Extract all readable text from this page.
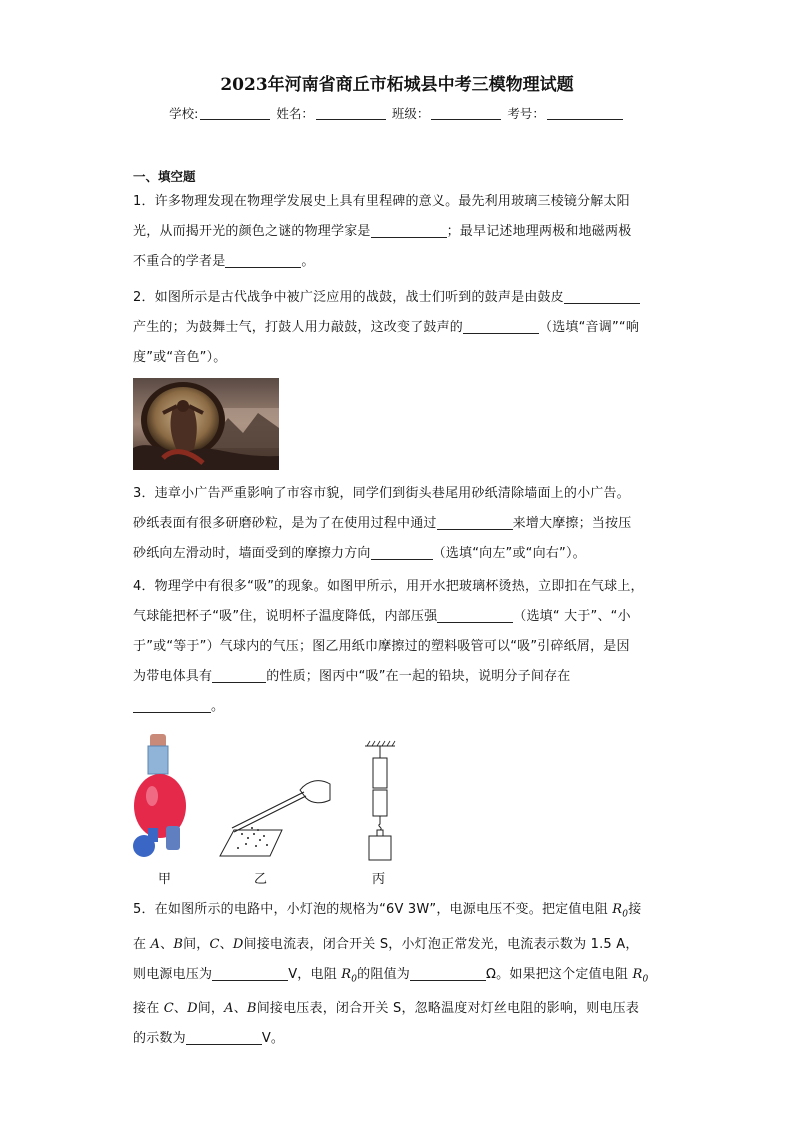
2023年河南省商丘市柘城县中考三模物理试题
学校:	姓名：	班级：	考号：
一、填空题
1．许多物理发现在物理学发展史上具有里程碑的意义。最先利用玻璃三棱镜分解太阳
光，从而揭开光的颜色之谜的物理学家是	；最早记述地理两极和地磁两极
不重合的学者是	。
2．如图所示是古代战争中被广泛应用的战鼓，战士们听到的鼓声是由鼓皮
产生的；为鼓舞士气，打鼓人用力敲鼓，这改变了鼓声的	（选填“音调”“响
度”或“音色”）。
3．违章小广告严重影响了市容市貌，同学们到街头巷尾用砂纸清除墙面上的小广告。
砂纸表面有很多研磨砂粒，是为了在使用过程中通过	来增大摩擦；当按压
砂纸向左滑动时，墙面受到的摩擦力方向	（选填“向左”或“向右”）。
4．物理学中有很多“吸”的现象。如图甲所示，用开水把玻璃杯烫热，立即扣在气球上，
气球能把杯子“吸”住，说明杯子温度降低，内部压强	（选填“ 大于”、“小
于”或“等于”）气球内的气压；图乙用纸巾摩擦过的塑料吸管可以“吸”引碎纸屑，是因
为带电体具有	的性质；图丙中“吸”在一起的铅块，说明分子间存在
。
甲	乙	丙
5．在如图所示的电路中，小灯泡的规格为“6V 3W”，电源电压不变。把定值电阻 $R_0$接
在 A、B间，C、D间接电流表，闭合开关 S，小灯泡正常发光，电流表示数为 1.5 A，
则电源电压为	V，电阻 $R_0$的阻值为	Ω。如果把这个定值电阻 $R_0$
接在 C、D间，A、B间接电压表，闭合开关 S，忽略温度对灯丝电阻的影响，则电压表
的示数为	V。
